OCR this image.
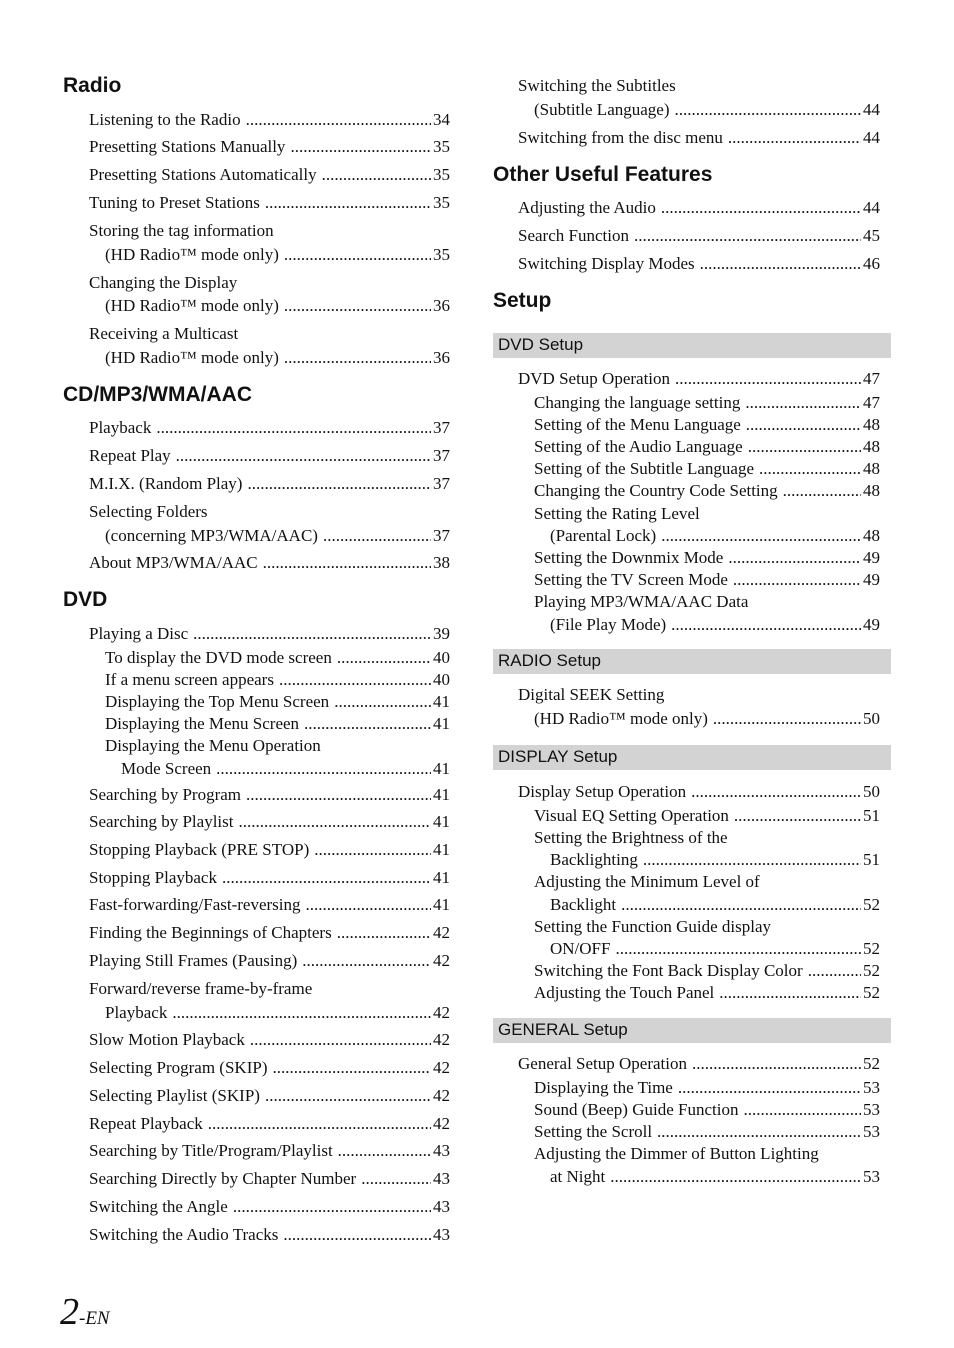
Radio
Listening to the Radio .....	34
Presetting Stations Manually .....	35
Presetting Stations Automatically .....	35
Tuning to Preset Stations .....	35
Storing the tag information
(HD Radio™ mode only) .....	35
Changing the Display
(HD Radio™ mode only) .....	36
Receiving a Multicast
(HD Radio™ mode only) .....	36
CD/MP3/WMA/AAC
Playback .....	37
Repeat Play .....	37
M.I.X. (Random Play) .....	37
Selecting Folders
(concerning MP3/WMA/AAC) .....	37
About MP3/WMA/AAC .....	38
DVD
Playing a Disc .....	39
To display the DVD mode screen .....	40
If a menu screen appears .....	40
Displaying the Top Menu Screen .....	41
Displaying the Menu Screen .....	41
Displaying the Menu Operation
Mode Screen .....	41
Searching by Program .....	41
Searching by Playlist .....	41
Stopping Playback (PRE STOP) .....	41
Stopping Playback .....	41
Fast-forwarding/Fast-reversing .....	41
Finding the Beginnings of Chapters .....	42
Playing Still Frames (Pausing) .....	42
Forward/reverse frame-by-frame
Playback .....	42
Slow Motion Playback .....	42
Selecting Program (SKIP) .....	42
Selecting Playlist (SKIP) .....	42
Repeat Playback .....	42
Searching by Title/Program/Playlist .....	43
Searching Directly by Chapter Number .....	43
Switching the Angle .....	43
Switching the Audio Tracks .....	43
Switching the Subtitles
(Subtitle Language) .....	44
Switching from the disc menu .....	44
Other Useful Features
Adjusting the Audio .....	44
Search Function .....	45
Switching Display Modes .....	46
Setup
DVD Setup
DVD Setup Operation .....	47
Changing the language setting .....	47
Setting of the Menu Language .....	48
Setting of the Audio Language .....	48
Setting of the Subtitle Language .....	48
Changing the Country Code Setting .....	48
Setting the Rating Level
(Parental Lock) .....	48
Setting the Downmix Mode .....	49
Setting the TV Screen Mode .....	49
Playing MP3/WMA/AAC Data
(File Play Mode) .....	49
RADIO Setup
Digital SEEK Setting
(HD Radio™ mode only) .....	50
DISPLAY Setup
Display Setup Operation .....	50
Visual EQ Setting Operation .....	51
Setting the Brightness of the
Backlighting .....	51
Adjusting the Minimum Level of
Backlight .....	52
Setting the Function Guide display
ON/OFF .....	52
Switching the Font Back Display Color .....	52
Adjusting the Touch Panel .....	52
GENERAL Setup
General Setup Operation .....	52
Displaying the Time .....	53
Sound (Beep) Guide Function .....	53
Setting the Scroll .....	53
Adjusting the Dimmer of Button Lighting
at Night .....	53
2-EN
